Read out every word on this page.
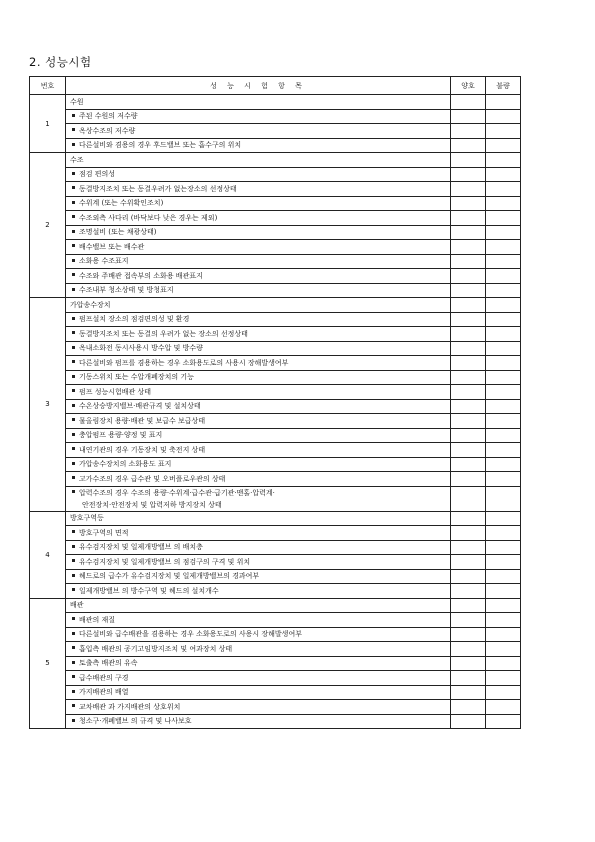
2. 성능시험
번호	성 능 시 험 항 목	양호	불량
1	수원		
	주된 수원의 저수량		
	옥상수조의 저수량		
	다른설비와 겸용의 경우 후드밸브 또는 흡수구의 위치		
2	수조		
	점검 편의성		
	동결방지조치 또는 동결우려가 없는장소의 선정상태		
	수위계 (또는 수위확인조치)		
	수조외측 사다리 (바닥보다 낮은 경우는 제외)		
	조명설비 (또는 채광상태)		
	배수밸브 또는 배수관		
	소화용 수조표지		
	수조와 주배관 접속부의 소화용 배관표지		
	수조내부 청소상태 및 방청표지		
3	가압송수장치		
	펌프설치 장소의 점검편의성 및 환경		
	동결방지조치 또는 동결의 우려가 없는 장소의 선정상태		
	옥내소화전 동시사용시 방수압 및 방수량		
	다른설비와 펌프를 겸용하는 경우 소화용도로의 사용시 장해발생여부		
	기동스위치 또는 수압개폐장치의 기능		
	펌프 성능시험배관 상태		
	수온상승방지밸브·배관규격 및 설치상태		
	물올림장치 용량·배관 및 보급수 보급상태		
	충압펌프 용량·양정 및 표지		
	내연기관의 경우 기동장치 및 축전지 상태		
	가압송수장치의 소화용도 표지		
	고가수조의 경우 급수관 및 오버플로우관의 상태		
	압력수조의 경우 수조의 용량·수위계·급수관·급기관·맨홀·압력계·
안전장치·안전장치 및 압력저하 방지장치 상태		

4	방호구역등		
	방호구역의 면적		
	유수검지장치 및 일제개방밸브 의 배치층		
	유수검지장치 및 일제개방밸브 의 점검구의 구격 및 위치		
	헤드로의 급수가 유수검지장치 및 일제개방밸브의 경과여부		
	일제개방밸브 의 방수구역 및 헤드의 설치개수		
5	배관		
	배관의 재질		
	다른설비와 급수배관을 겸용하는 경우 소화용도로의 사용시 장해발생여부		
	흡입측 배관의 공기고임방지조치 및 여과장치 상태		
	토출측 배관의 유속		
	급수배관의 구경		
	가지배관의 배열		
	교차배관 과 가지배관의 상호위치		
	청소구·개폐밸브 의 규격 및 나사보호		
